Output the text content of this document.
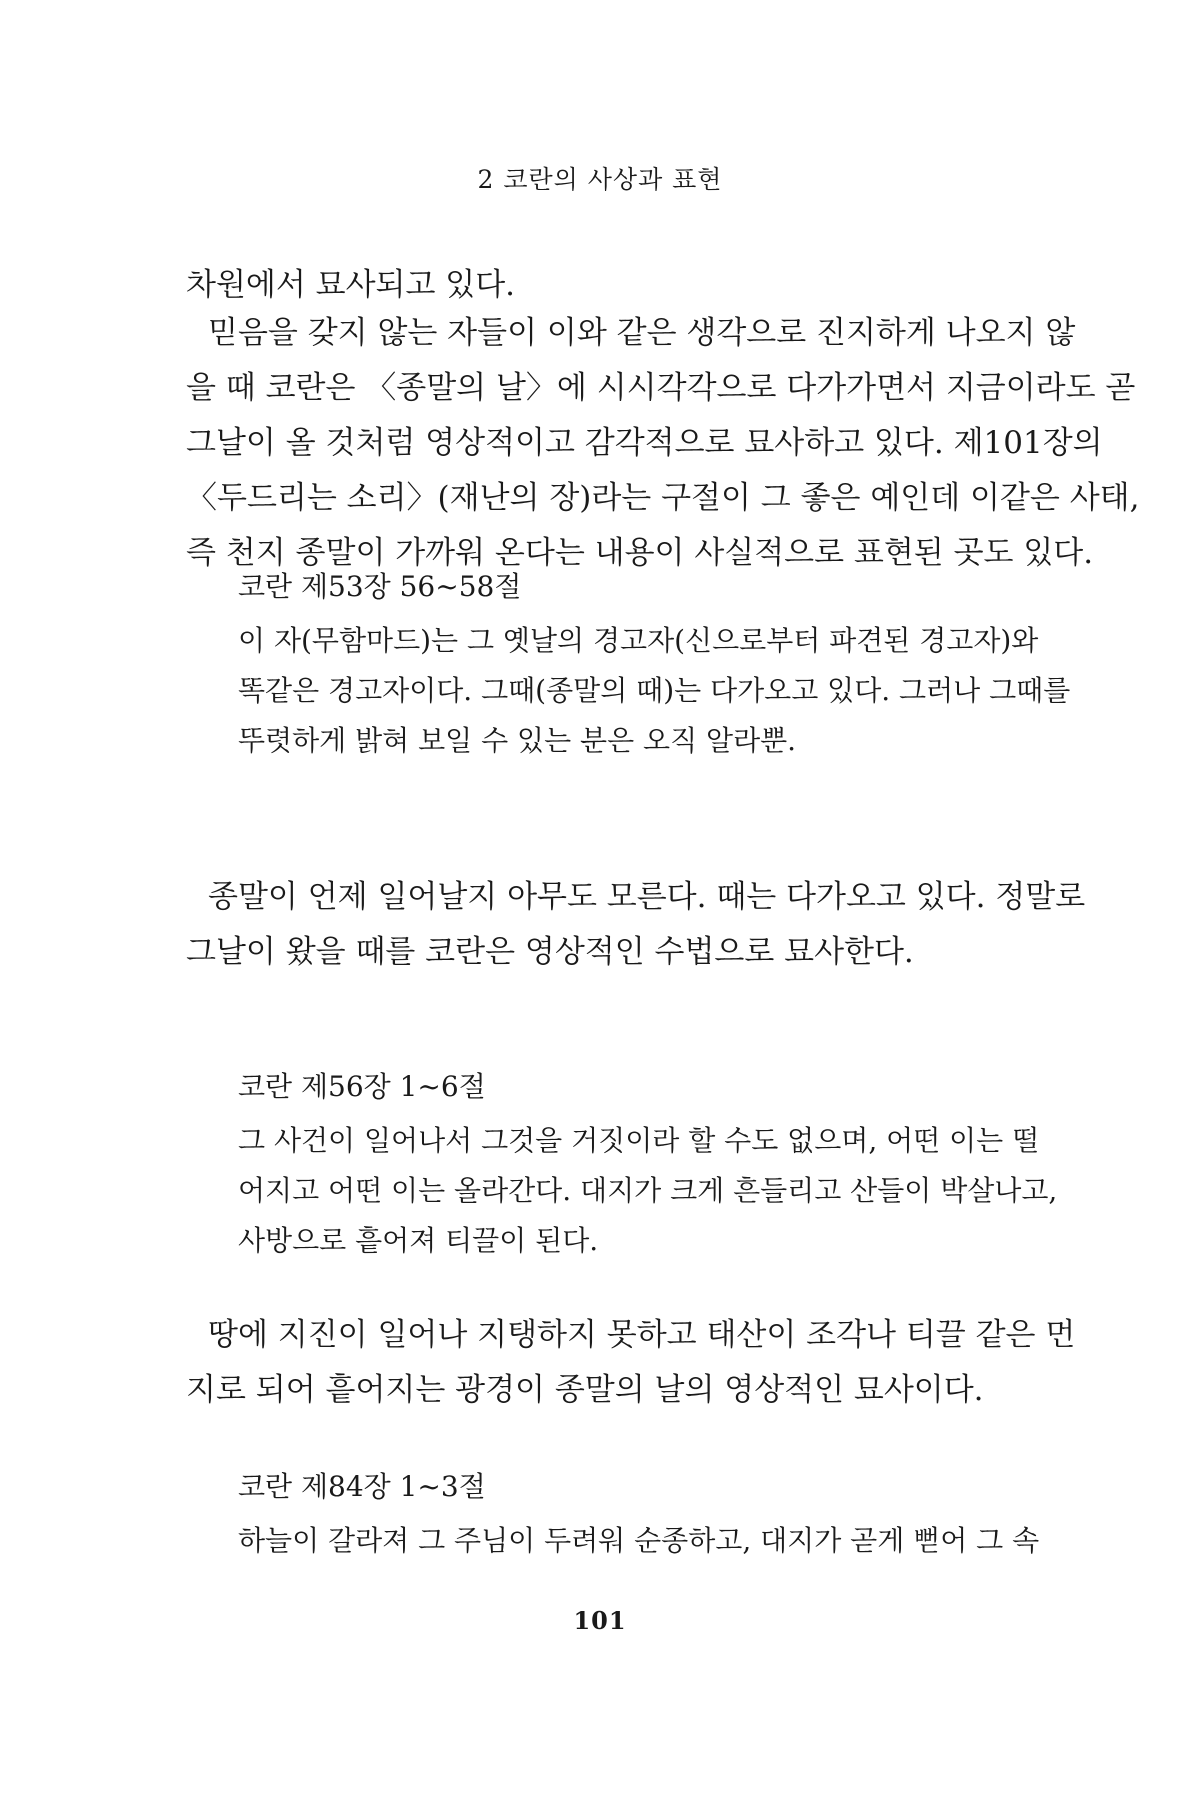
2 코란의 사상과 표현
차원에서 묘사되고 있다.
믿음을 갖지 않는 자들이 이와 같은 생각으로 진지하게 나오지 않
을 때 코란은 〈종말의 날〉에 시시각각으로 다가가면서 지금이라도 곧
그날이 올 것처럼 영상적이고 감각적으로 묘사하고 있다. 제101장의
〈두드리는 소리〉(재난의 장)라는 구절이 그 좋은 예인데 이같은 사태,
즉 천지 종말이 가까워 온다는 내용이 사실적으로 표현된 곳도 있다.
코란 제53장 56~58절
이 자(무함마드)는 그 옛날의 경고자(신으로부터 파견된 경고자)와
똑같은 경고자이다. 그때(종말의 때)는 다가오고 있다. 그러나 그때를
뚜렷하게 밝혀 보일 수 있는 분은 오직 알라뿐.
종말이 언제 일어날지 아무도 모른다. 때는 다가오고 있다. 정말로
그날이 왔을 때를 코란은 영상적인 수법으로 묘사한다.
코란 제56장 1~6절
그 사건이 일어나서 그것을 거짓이라 할 수도 없으며, 어떤 이는 떨
어지고 어떤 이는 올라간다. 대지가 크게 흔들리고 산들이 박살나고,
사방으로 흩어져 티끌이 된다.
땅에 지진이 일어나 지탱하지 못하고 태산이 조각나 티끌 같은 먼
지로 되어 흩어지는 광경이 종말의 날의 영상적인 묘사이다.
코란 제84장 1~3절
하늘이 갈라져 그 주님이 두려워 순종하고, 대지가 곧게 뻗어 그 속
101
